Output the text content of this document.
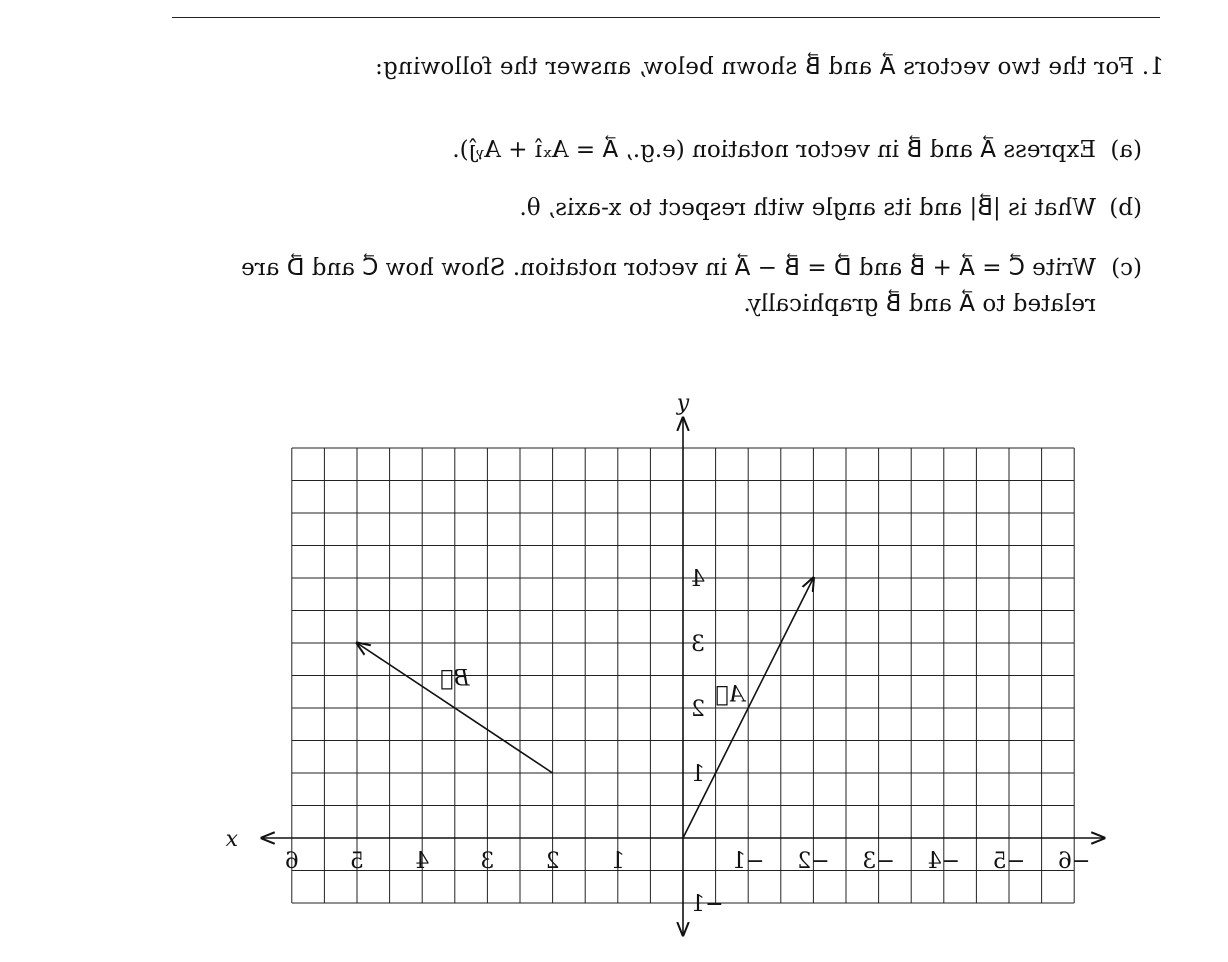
1. For the two vectors A⃗ and B⃗ shown below, answer the following:
(a)
Express A⃗ and B⃗ in vector notation (e.g., A⃗ = Aₓî + Aᵧĵ).
(b)
What is |B⃗| and its angle with respect to x-axis, θ.
(c)
Write C⃗ = A⃗ + B⃗ and D⃗ = B⃗ − A⃗ in vector notation. Show how C⃗ and D⃗ are
related to A⃗ and B⃗ graphically.
x
y
−6
−5
−4
−3
−2
−1
1
2
3
4
5
6
−1
1
2
3
4
A⃗
B⃗
